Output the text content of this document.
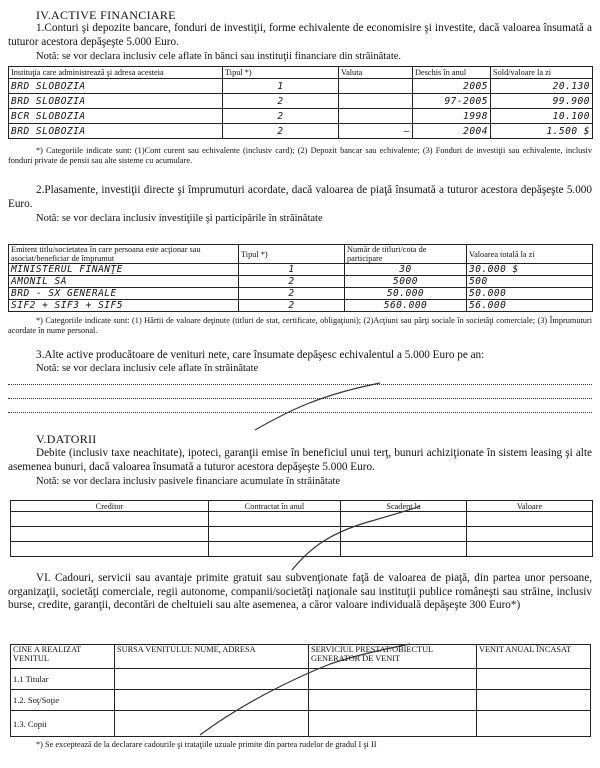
IV.ACTIVE FINANCIARE
1.Conturi şi depozite bancare, fonduri de investiţii, forme echivalente de economisire şi investite, dacă valoarea însumată a tuturor acestora depăşeşte 5.000 Euro.
Notă: se vor declara inclusiv cele aflate în bănci sau instituţii financiare din străinătate.
Instituţia care administrează şi adresa acesteia	Tipul *)	Valuta	Deschis în anul	Sold/valoare la zi
BRD SLOBOZIA	1		2005	20.130
BRD SLOBOZIA	2		97-2005	99.900
BCR SLOBOZIA	2		1998	10.100
BRD SLOBOZIA	2	—	2004	1.500 $
*) Categoriile indicate sunt: (1)Cont curent sau echivalente (inclusiv card); (2) Depozit bancar sau echivalente; (3) Fonduri de investiţii sau echivalente, inclusiv fonduri private de pensii sau alte sisteme cu acumulare.
2.Plasamente, investiţii directe şi împrumuturi acordate, dacă valoarea de piaţă însumată a tuturor acestora depăşeşte 5.000 Euro.
Notă: se vor declara inclusiv investiţiile şi participările în străinătate
Emitent titlu/societatea în care persoana este acţionar sau asociat/beneficiar de împrumut	Tipul *)	Număr de titluri/cota de participare	Valoarea totală la zi
MINISTERUL FINANŢE	1	30	30.000 $
AMONIL SA	2	5000	500
BRD - SX GENERALE	2	50.000	50.000
SIF2 + SIF3 + SIF5	2	560.000	56.000
*) Categoriile indicate sunt: (1) Hârtii de valoare deţinute (titluri de stat, certificate, obligaţiuni); (2)Acţiuni sau părţi sociale în societăţi comerciale; (3) Împrumuturi acordate în nume personal.
3.Alte active producătoare de venituri nete, care însumate depăşesc echivalentul a 5.000 Euro pe an:
Notă: se vor declara inclusiv cele aflate în străinătate
V.DATORII
Debite (inclusiv taxe neachitate), ipoteci, garanţii emise în beneficiul unui terţ, bunuri achiziţionate în sistem leasing şi alte asemenea bunuri, dacă valoarea însumată a tuturor acestora depăşeşte 5.000 Euro.
Notă: se vor declara inclusiv pasivele financiare acumulate în străinătate
Creditor	Contractat în anul	Scadent la	Valoare

VI. Cadouri, servicii sau avantaje primite gratuit sau subvenţionate faţă de valoarea de piaţă, din partea unor persoane, organizaţii, societăţi comerciale, regii autonome, companii/societăţi naţionale sau instituţii publice româneşti sau străine, inclusiv burse, credite, garanţii, decontări de cheltuieli sau alte asemenea, a căror valoare individuală depăşeşte 300 Euro*)
CINE A REALIZAT VENITUL	SURSA VENITULUI: NUME, ADRESA	SERVICIUL PRESTAT/OBIECTUL GENERATOR DE VENIT	VENIT ANUAL ÎNCASAT
1.1 Titular			
1.2. Soţ/Soţie			
1.3. Copii			
*) Se exceptează de la declarare cadourile şi trataţiile uzuale primite din partea rudelor de gradul I şi II
